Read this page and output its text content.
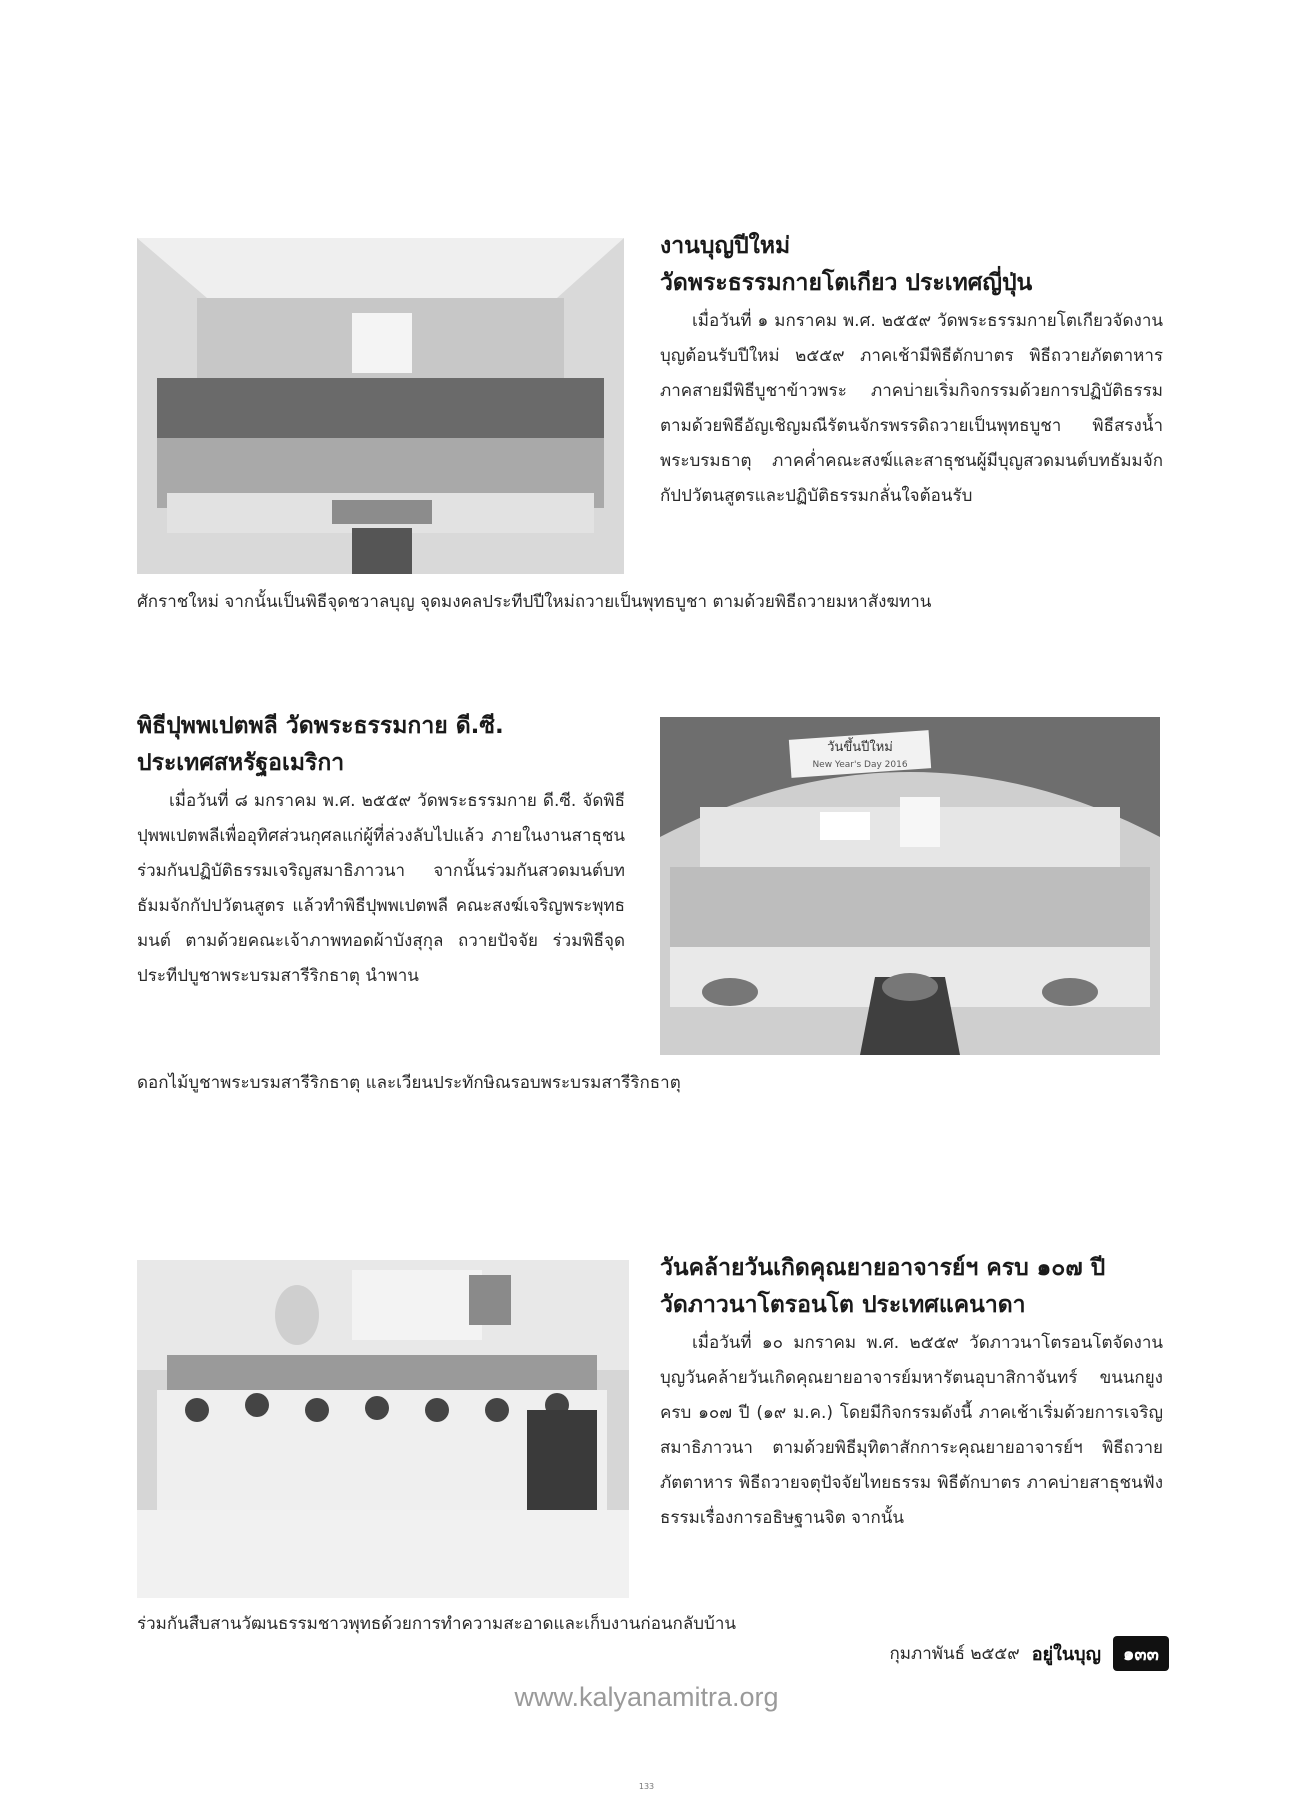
งานบุญปีใหม่
วัดพระธรรมกายโตเกียว ประเทศญี่ปุ่น

เมื่อวันที่ ๑ มกราคม พ.ศ. ๒๕๕๙ วัดพระธรรมกายโตเกียวจัดงานบุญต้อนรับปีใหม่ ๒๕๕๙ ภาคเช้ามีพิธีตักบาตร พิธีถวายภัตตาหาร ภาคสายมีพิธีบูชาข้าวพระ ภาคบ่ายเริ่มกิจกรรมด้วยการปฏิบัติธรรม ตามด้วยพิธีอัญเชิญมณีรัตนจักรพรรดิถวายเป็นพุทธบูชา พิธีสรงน้ำพระบรมธาตุ ภาคค่ำคณะสงฆ์และสาธุชนผู้มีบุญสวดมนต์บทธัมมจักกัปปวัตนสูตรและปฏิบัติธรรมกลั่นใจต้อนรับ

ศักราชใหม่ จากนั้นเป็นพิธีจุดชวาลบุญ จุดมงคลประทีปปีใหม่ถวายเป็นพุทธบูชา ตามด้วยพิธีถวายมหาสังฆทาน
พิธีปุพพเปตพลี วัดพระธรรมกาย ดี.ซี.
ประเทศสหรัฐอเมริกา

เมื่อวันที่ ๘ มกราคม พ.ศ. ๒๕๕๙ วัดพระธรรมกาย ดี.ซี. จัดพิธีปุพพเปตพลีเพื่ออุทิศส่วนกุศลแก่ผู้ที่ล่วงลับไปแล้ว ภายในงานสาธุชนร่วมกันปฏิบัติธรรมเจริญสมาธิภาวนา จากนั้นร่วมกันสวดมนต์บทธัมมจักกัปปวัตนสูตร แล้วทำพิธีปุพพเปตพลี คณะสงฆ์เจริญพระพุทธมนต์ ตามด้วยคณะเจ้าภาพทอดผ้าบังสุกุล ถวายปัจจัย ร่วมพิธีจุดประทีปบูชาพระบรมสารีริกธาตุ นำพาน

วันขึ้นปีใหม่
New Year's Day 2016
ดอกไม้บูชาพระบรมสารีริกธาตุ และเวียนประทักษิณรอบพระบรมสารีริกธาตุ
วันคล้ายวันเกิดคุณยายอาจารย์ฯ ครบ ๑๐๗ ปี
วัดภาวนาโตรอนโต ประเทศแคนาดา

เมื่อวันที่ ๑๐ มกราคม พ.ศ. ๒๕๕๙ วัดภาวนาโตรอนโตจัดงานบุญวันคล้ายวันเกิดคุณยายอาจารย์มหารัตนอุบาสิกาจันทร์ ขนนกยูง ครบ ๑๐๗ ปี (๑๙ ม.ค.) โดยมีกิจกรรมดังนี้ ภาคเช้าเริ่มด้วยการเจริญสมาธิภาวนา ตามด้วยพิธีมุทิตาสักการะคุณยายอาจารย์ฯ พิธีถวายภัตตาหาร พิธีถวายจตุปัจจัยไทยธรรม พิธีตักบาตร ภาคบ่ายสาธุชนฟังธรรมเรื่องการอธิษฐานจิต จากนั้น

ร่วมกันสืบสานวัฒนธรรมชาวพุทธด้วยการทำความสะอาดและเก็บงานก่อนกลับบ้าน
กุมภาพันธ์ ๒๕๕๙ อยู่ในบุญ	๑๓๓
www.kalyanamitra.org
133
